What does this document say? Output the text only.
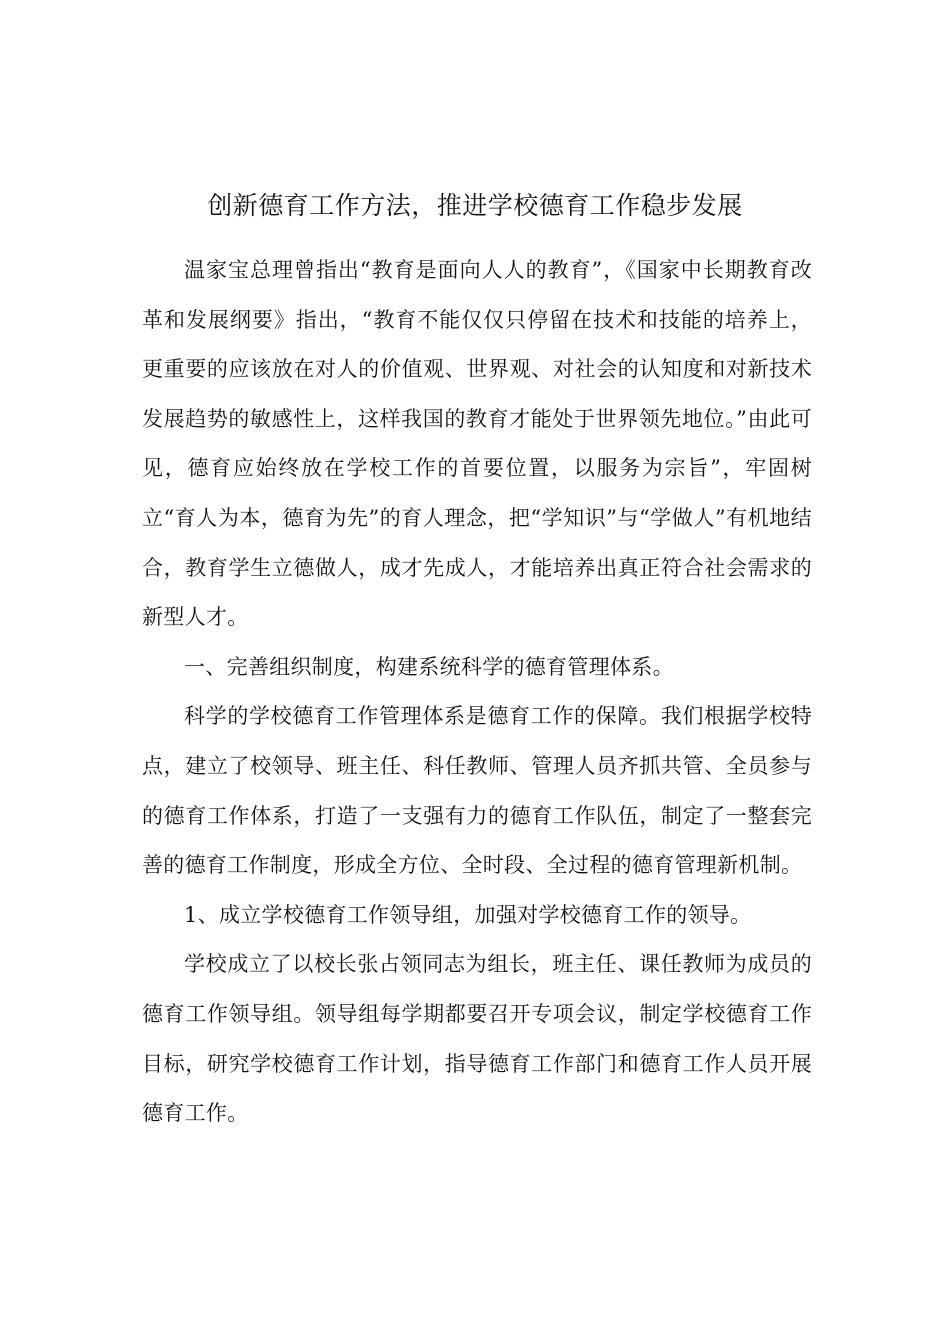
创新德育工作方法，推进学校德育工作稳步发展

温家宝总理曾指出“教育是面向人人的教育”，《国家中长期教育改革和发展纲要》指出，“教育不能仅仅只停留在技术和技能的培养上，更重要的应该放在对人的价值观、世界观、对社会的认知度和对新技术发展趋势的敏感性上，这样我国的教育才能处于世界领先地位。”由此可见，德育应始终放在学校工作的首要位置，以服务为宗旨”，牢固树立“育人为本，德育为先”的育人理念，把“学知识”与“学做人”有机地结合，教育学生立德做人，成才先成人，才能培养出真正符合社会需求的新型人才。

一、完善组织制度，构建系统科学的德育管理体系。

科学的学校德育工作管理体系是德育工作的保障。我们根据学校特点，建立了校领导、班主任、科任教师、管理人员齐抓共管、全员参与的德育工作体系，打造了一支强有力的德育工作队伍，制定了一整套完善的德育工作制度，形成全方位、全时段、全过程的德育管理新机制。

1、成立学校德育工作领导组，加强对学校德育工作的领导。

学校成立了以校长张占领同志为组长，班主任、课任教师为成员的德育工作领导组。领导组每学期都要召开专项会议，制定学校德育工作目标，研究学校德育工作计划，指导德育工作部门和德育工作人员开展德育工作。
